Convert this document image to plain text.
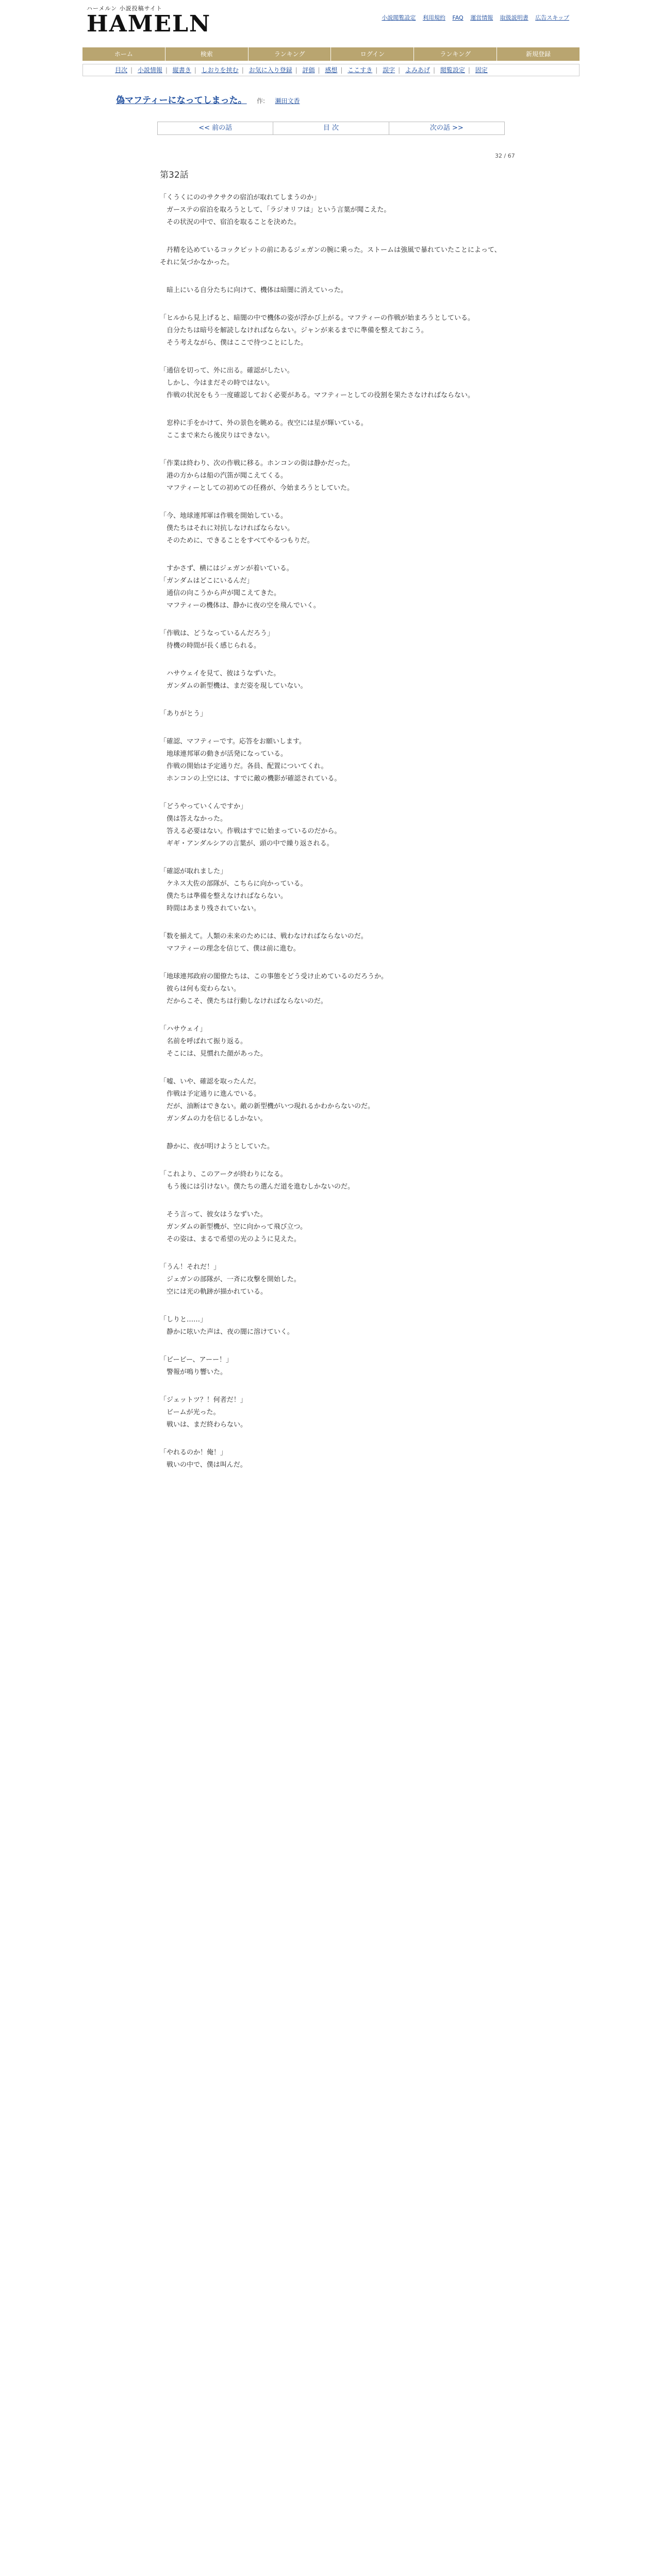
ハーメルン 小説投稿サイト
HAMELN	小説閲覧設定 利用規約 FAQ 運営情報 取扱説明書 広告スキップ
ホーム	検索	ランキング	ログイン	ランキング	新規登録
目次 | 小説情報 | 縦書き | しおりを挟む | お気に入り登録 | 評価 | 感想 | ここすき | 誤字 | よみあげ | 閲覧設定 | 固定
偽マフティーになってしまった。 作: 瀬田文香
<< 前の話	目 次	次の話 >>
32 / 67
第32話

「くうくにののサクサクの宿泊が取れてしまうのか」
　ガーステの宿泊を取ろうとして、「ラジオリフは」という言葉が聞こえた。
　その状況の中で、宿泊を取ることを決めた。

　丹精を込めているコックピットの前にあるジェガンの腕に乗った。ストームは強風で暴れていたことによって、それに気づかなかった。

　暗上にいる自分たちに向けて、機体は暗闇に消えていった。

「ヒルから見上げると、暗闇の中で機体の姿が浮かび上がる。マフティーの作戦が始まろうとしている。
　自分たちは暗号を解読しなければならない。ジャンが来るまでに準備を整えておこう。
　そう考えながら、僕はここで待つことにした。

「通信を切って、外に出る。確認がしたい。
　しかし、今はまだその時ではない。
　作戦の状況をもう一度確認しておく必要がある。マフティーとしての役割を果たさなければならない。

　窓枠に手をかけて、外の景色を眺める。夜空には星が輝いている。
　ここまで来たら後戻りはできない。

「作業は終わり、次の作戦に移る。ホンコンの街は静かだった。
　港の方からは船の汽笛が聞こえてくる。
　マフティーとしての初めての任務が、今始まろうとしていた。

「今、地球連邦軍は作戦を開始している。
　僕たちはそれに対抗しなければならない。
　そのために、できることをすべてやるつもりだ。

　すかさず、横にはジェガンが着いている。
「ガンダムはどこにいるんだ」
　通信の向こうから声が聞こえてきた。
　マフティーの機体は、静かに夜の空を飛んでいく。

「作戦は、どうなっているんだろう」
　待機の時間が長く感じられる。

　ハサウェイを見て、彼はうなずいた。
　ガンダムの新型機は、まだ姿を現していない。

「ありがとう」

「確認、マフティーです。応答をお願いします。
　地球連邦軍の動きが活発になっている。
　作戦の開始は予定通りだ。各員、配置についてくれ。
　ホンコンの上空には、すでに敵の機影が確認されている。

「どうやっていくんですか」
　僕は答えなかった。
　答える必要はない。作戦はすでに始まっているのだから。
　ギギ・アンダルシアの言葉が、頭の中で繰り返される。

「確認が取れました」
　ケネス大佐の部隊が、こちらに向かっている。
　僕たちは準備を整えなければならない。
　時間はあまり残されていない。

「数を揃えて。人類の未来のためには、戦わなければならないのだ。
　マフティーの理念を信じて、僕は前に進む。

「地球連邦政府の閣僚たちは、この事態をどう受け止めているのだろうか。
　彼らは何も変わらない。
　だからこそ、僕たちは行動しなければならないのだ。

「ハサウェイ」
　名前を呼ばれて振り返る。
　そこには、見慣れた顔があった。

「嘘、いや、確認を取ったんだ。
　作戦は予定通りに進んでいる。
　だが、油断はできない。敵の新型機がいつ現れるかわからないのだ。
　ガンダムの力を信じるしかない。

　静かに、夜が明けようとしていた。

「これより、このアークが終わりになる。
　もう後には引けない。僕たちの選んだ道を進むしかないのだ。

　そう言って、彼女はうなずいた。
　ガンダムの新型機が、空に向かって飛び立つ。
　その姿は、まるで希望の光のように見えた。

「うん！それだ！」
　ジェガンの部隊が、一斉に攻撃を開始した。
　空には光の軌跡が描かれている。

「しりと……」
　静かに呟いた声は、夜の闇に溶けていく。

「ビービー、アーー！」
　警報が鳴り響いた。

「ジェットツ？！何者だ！」
　ビームが光った。
　戦いは、まだ終わらない。

「やれるのか！俺！」
　戦いの中で、僕は叫んだ。
